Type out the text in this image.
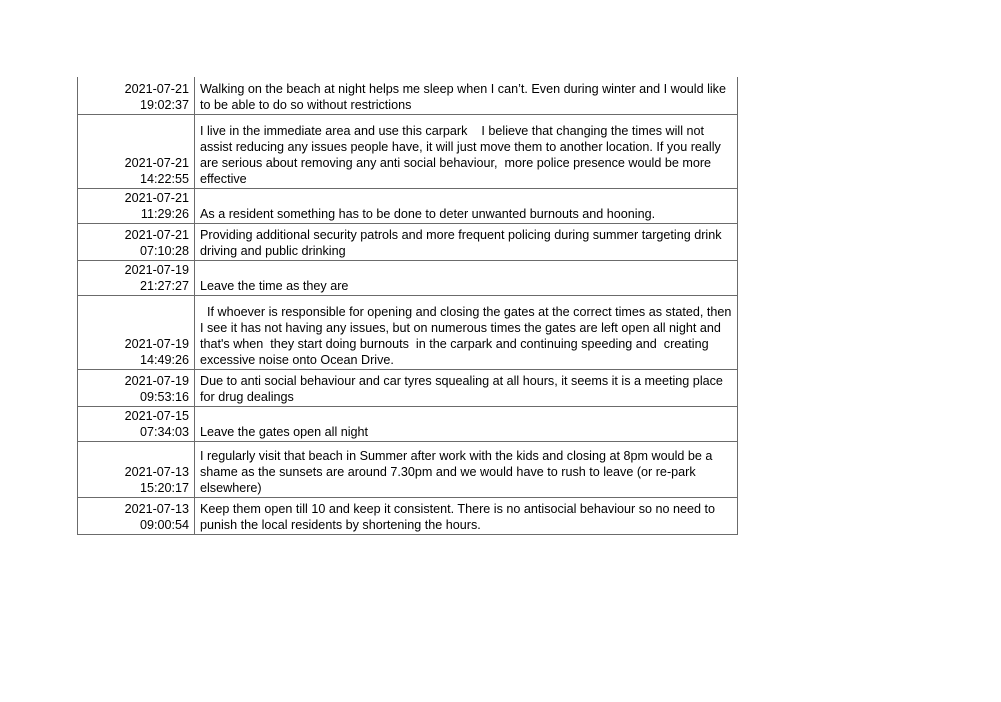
2021-07-21
19:02:37	Walking on the beach at night helps me sleep when I can’t. Even during winter and I would like to be able to do so without restrictions

2021-07-21
14:22:55	I live in the immediate area and use this carpark    I believe that changing the times will not assist reducing any issues people have, it will just move them to another location. If you really are serious about removing any anti social behaviour,  more police presence would be more effective

2021-07-21
11:29:26	As a resident something has to be done to deter unwanted burnouts and hooning.

2021-07-21
07:10:28	Providing additional security patrols and more frequent policing during summer targeting drink driving and public drinking

2021-07-19
21:27:27	Leave the time as they are

2021-07-19
14:49:26	If whoever is responsible for opening and closing the gates at the correct times as stated, then I see it has not having any issues, but on numerous times the gates are left open all night and that's when  they start doing burnouts  in the carpark and continuing speeding and  creating excessive noise onto Ocean Drive.

2021-07-19
09:53:16	Due to anti social behaviour and car tyres squealing at all hours, it seems it is a meeting place for drug dealings

2021-07-15
07:34:03	Leave the gates open all night

2021-07-13
15:20:17	I regularly visit that beach in Summer after work with the kids and closing at 8pm would be a shame as the sunsets are around 7.30pm and we would have to rush to leave (or re-park elsewhere)

2021-07-13
09:00:54	Keep them open till 10 and keep it consistent. There is no antisocial behaviour so no need to punish the local residents by shortening the hours.
